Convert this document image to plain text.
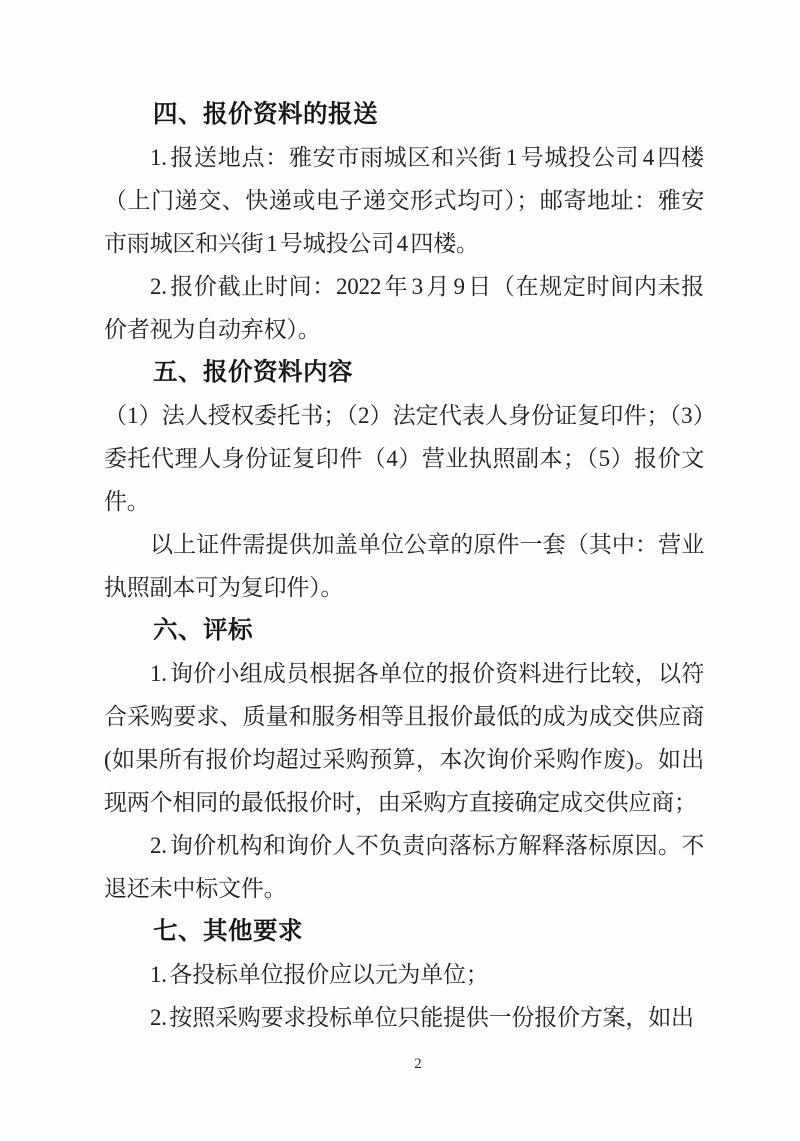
四、报价资料的报送

1. 报送地点：雅安市雨城区和兴街 1 号城投公司 4 四楼（上门递交、快递或电子递交形式均可）；邮寄地址：雅安市雨城区和兴街 1 号城投公司 4 四楼。

2. 报价截止时间：2022 年 3 月 9 日（在规定时间内未报价者视为自动弃权）。

五、报价资料内容

（1）法人授权委托书；（2）法定代表人身份证复印件；（3）委托代理人身份证复印件（4）营业执照副本；（5）报价文件。

以上证件需提供加盖单位公章的原件一套（其中：营业执照副本可为复印件）。

六、评标

1. 询价小组成员根据各单位的报价资料进行比较，以符合采购要求、质量和服务相等且报价最低的成为成交供应商(如果所有报价均超过采购预算，本次询价采购作废)。如出现两个相同的最低报价时，由采购方直接确定成交供应商；

2. 询价机构和询价人不负责向落标方解释落标原因。不退还未中标文件。

七、其他要求

1. 各投标单位报价应以元为单位；

2. 按照采购要求投标单位只能提供一份报价方案，如出

2
